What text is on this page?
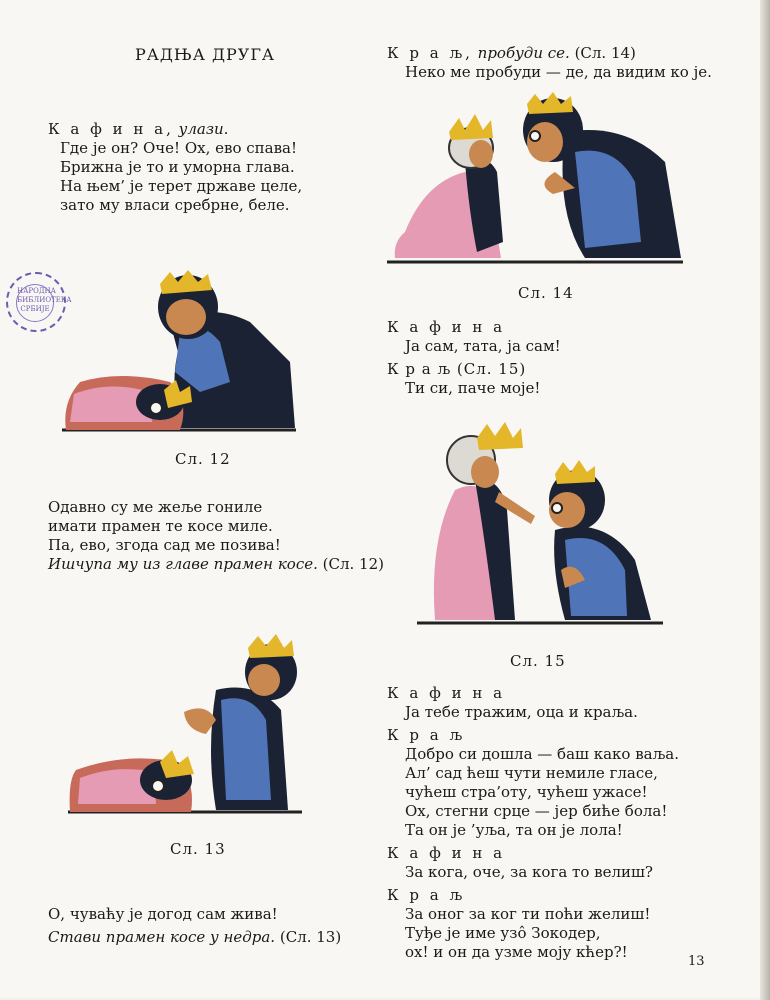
РАДЊА ДРУГА
К а ф и н а, улази.
Где је он? Оче! Ох, ево спава!
Брижна је то и уморна глава.
На њем’ је терет државе целе,
зато му власи сребрне, беле.
НАРОДНА
БИБЛИОТЕКА
СРБИЈЕ
Сл. 12
Одавно су ме жеље гониле
имати прамен те косе миле.
Па, ево, згода сад ме позива!
Ишчупа му из главе прамен косе. (Сл. 12)
Сл. 13
О, чуваћу је догод сам жива!
Стави прамен косе у недра. (Сл. 13)
К р а љ, пробуди се. (Сл. 14)
Неко ме пробуди — де, да видим ко је.
Сл. 14
К а ф и н а
Ја сам, тата, ја сам!
К р а љ (Сл. 15)
Ти си, паче моје!
Сл. 15
К а ф и н а
Ја тебе тражим, оца и краља.
К р а љ
Добро си дошла — баш како ваља.
Ал’ сад ћеш чути немиле гласе,
чућеш стра’оту, чућеш ужасе!
Ох, стегни срце — јер биће бола!
Та он је ’уља, та он је лола!
К а ф и н а
За кога, оче, за кога то велиш?
К р а љ
За оног за ког ти поћи желиш!
Туђе је име узô Зокодер,
ох! и он да узме моју кћер?!
13
